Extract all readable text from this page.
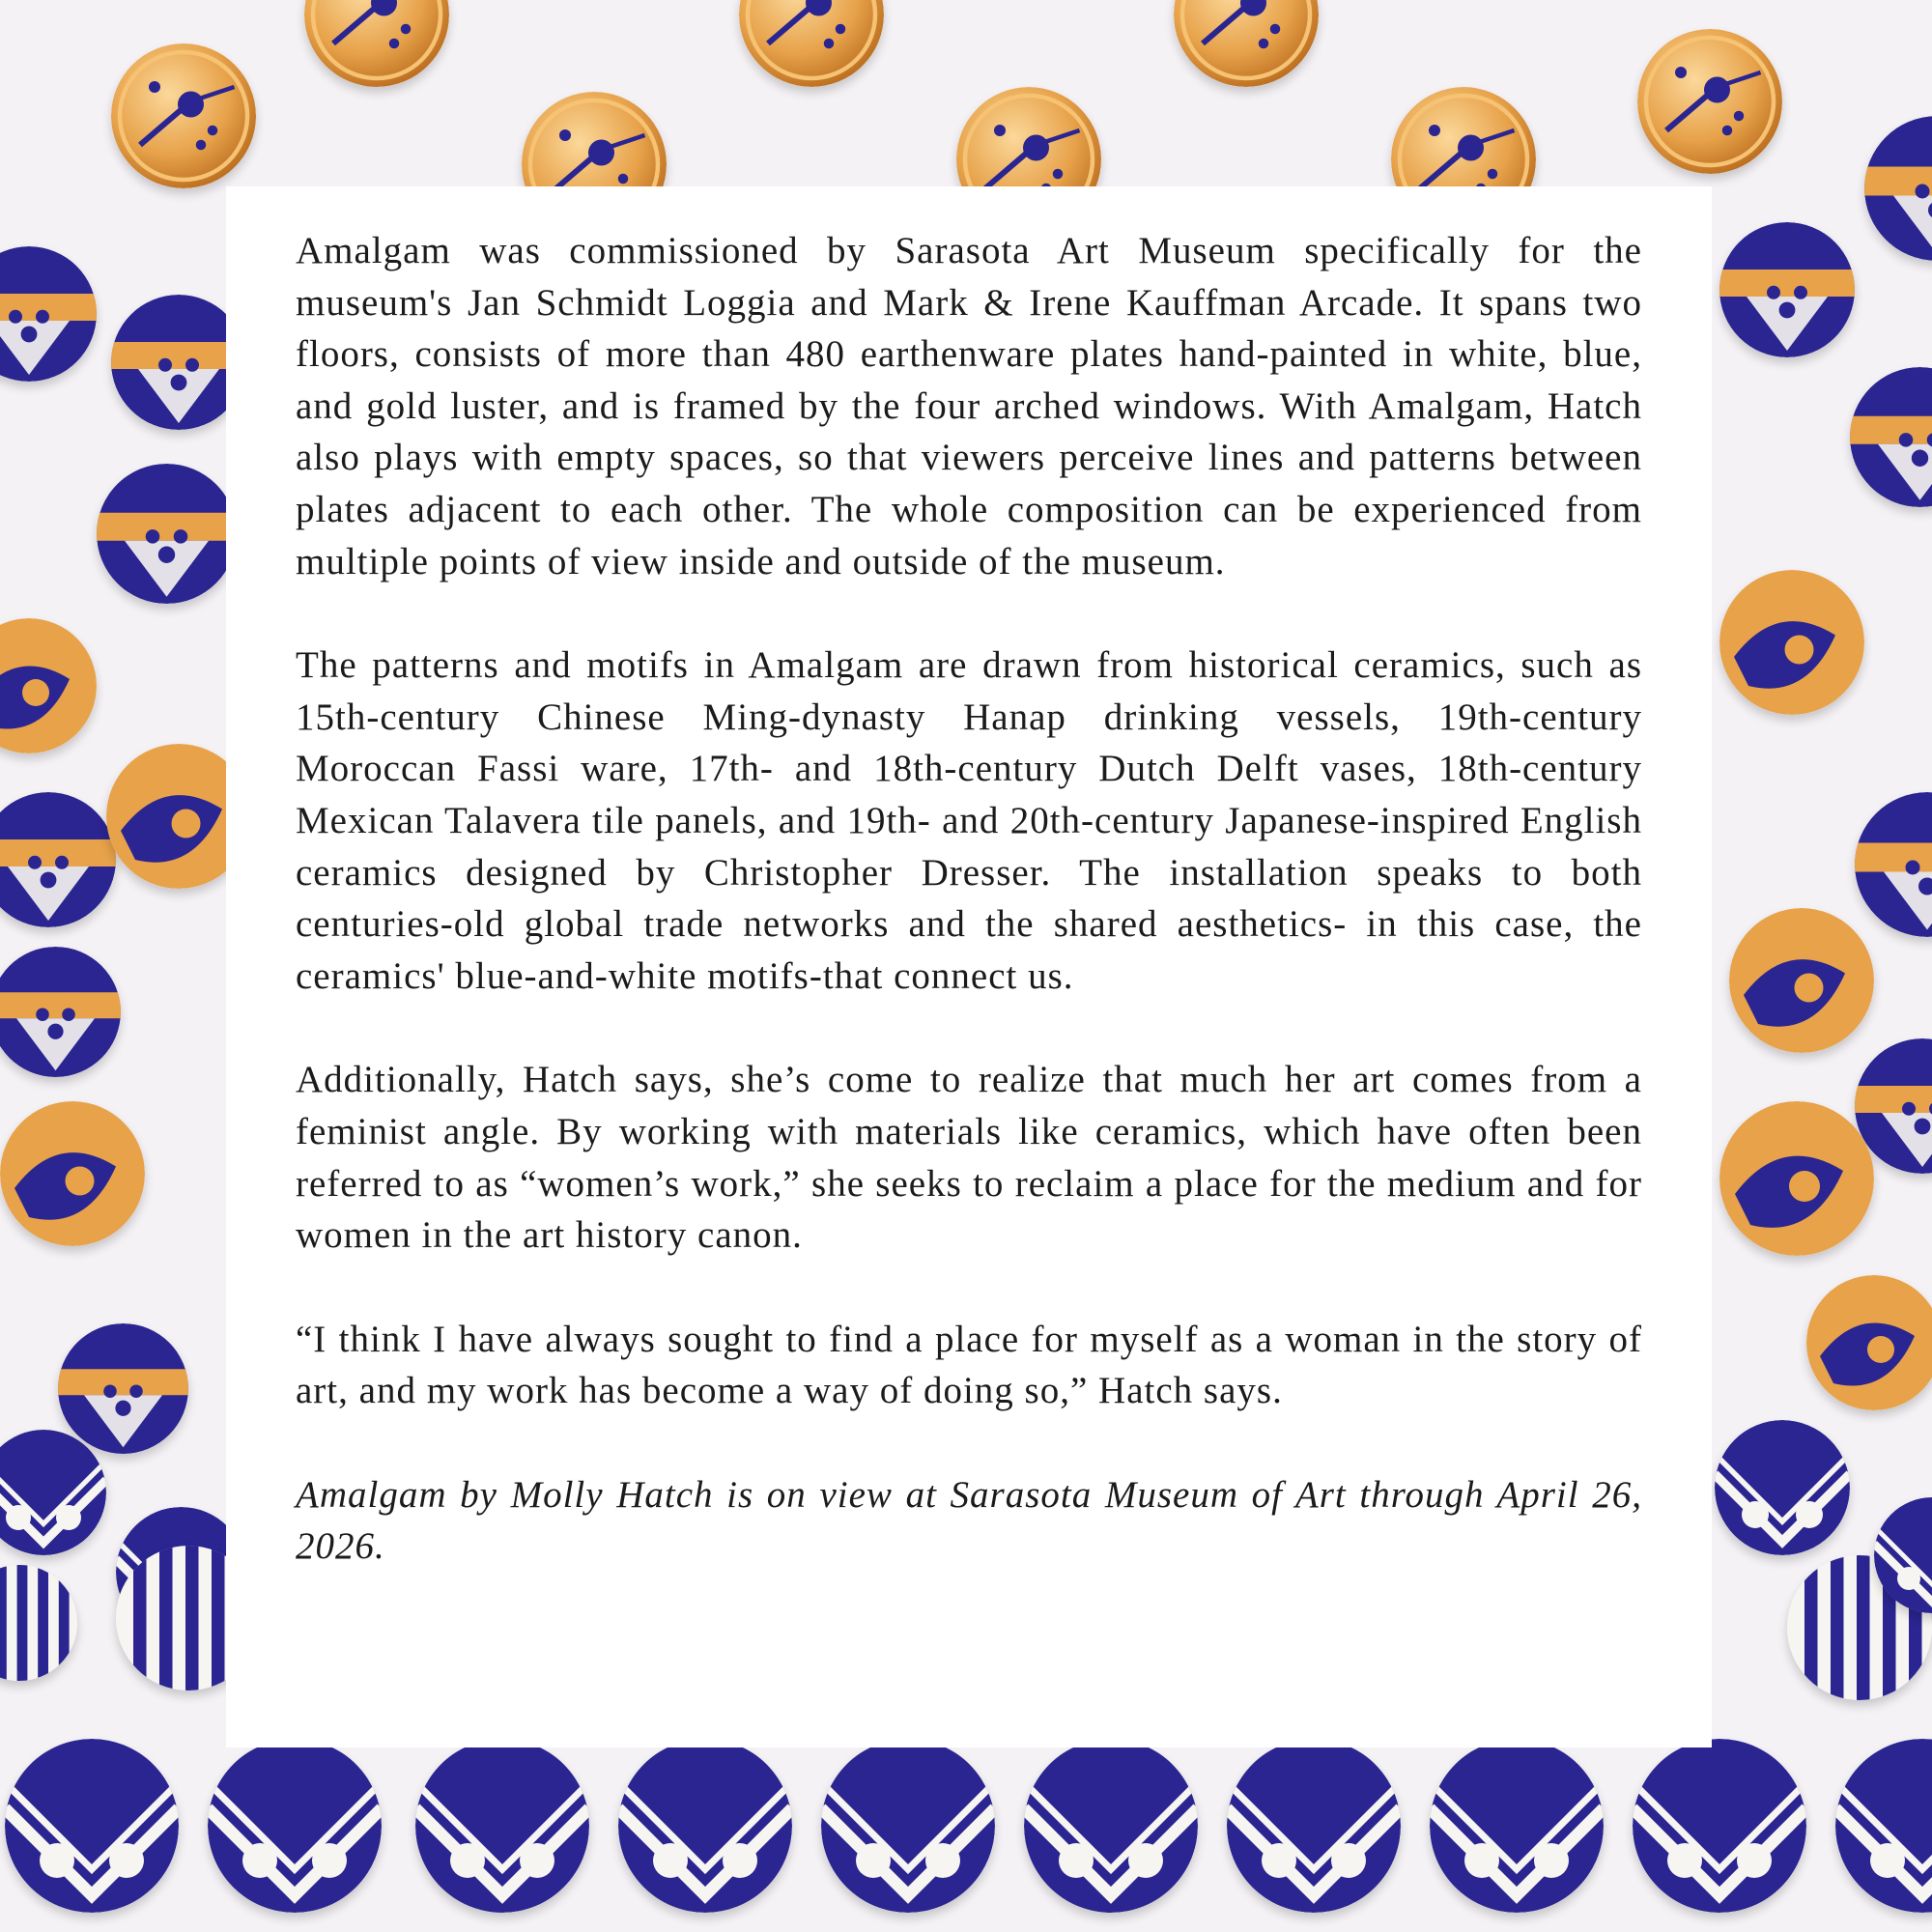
Amalgam was commissioned by Sarasota Art Museum specifically for the museum's Jan Schmidt Loggia and Mark & Irene Kauffman Arcade. It spans two floors, consists of more than 480 earthenware plates hand-painted in white, blue, and gold luster, and is framed by the four arched windows. With Amalgam, Hatch also plays with empty spaces, so that viewers perceive lines and patterns between plates adjacent to each other. The whole composition can be experienced from multiple points of view inside and outside of the museum.

The patterns and motifs in Amalgam are drawn from historical ceramics, such as 15th-century Chinese Ming-dynasty Hanap drinking vessels, 19th-century Moroccan Fassi ware, 17th- and 18th-century Dutch Delft vases, 18th-century Mexican Talavera tile panels, and 19th- and 20th-century Japanese-inspired English ceramics designed by Christopher Dresser. The installation speaks to both centuries-old global trade networks and the shared aesthetics- in this case, the ceramics' blue-and-white motifs-that connect us.

Additionally, Hatch says, she’s come to realize that much her art comes from a feminist angle. By working with materials like ceramics, which have often been referred to as “women’s work,” she seeks to reclaim a place for the medium and for women in the art history canon.

“I think I have always sought to find a place for myself as a woman in the story of art, and my work has become a way of doing so,” Hatch says.

Amalgam by Molly Hatch is on view at Sarasota Museum of Art through April 26, 2026.
